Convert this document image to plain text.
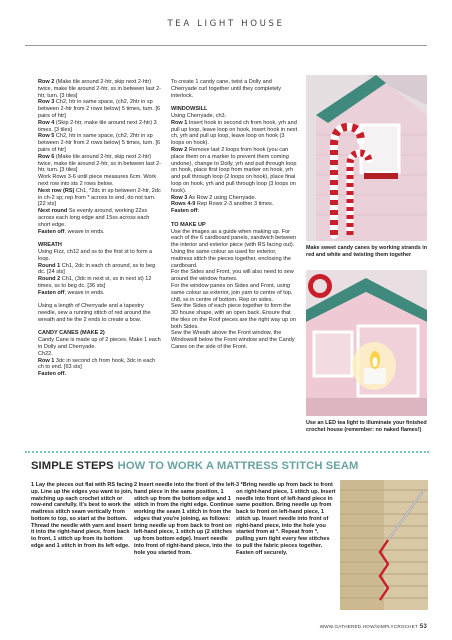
TEA LIGHT HOUSE

Row 2 (Make tile around 2-htr, skip next 2-htr) twice, make tile around 2-htr, ss in between last 2-htr, turn. [3 tiles]
Row 3 Ch2, htr in same space, (ch2, 2htr in sp between 2-htr from 2 rows below) 5 times, turn. [6 pairs of htr]
Row 4 (Skip 2-htr, make tile around next 2-htr) 3 times. [3 tiles]
Row 5 Ch2, htr in same space, (ch2, 2htr in sp between 2-htr from 2 rows below) 5 times, turn. [6 pairs of htr]
Row 6 (Make tile around 2-htr, skip next 2-htr) twice, make tile around 2-htr, ss in between last 2-htr, turn. [3 tiles]
Work Rows 3-6 until piece measures 6cm. Work next row into sts 2 rows below.
Next row (RS) Ch1, *2dc in sp between 2-htr, 2dc in ch-2 sp; rep from * across to end, do not turn. [22 sts]
Next round Ss evenly around, working 22ss across each long edge and 15ss across each short edge.
Fasten off, weave in ends.

WREATH

Using Fizz, ch12 and ss to the first st to form a loop.
Round 1 Ch1, 2dc in each ch around, ss to beg dc. [24 sts]
Round 2 Ch1, (3dc in next st, ss in next st) 12 times, ss to beg dc. [36 sts]
Fasten off, weave in ends.

Using a length of Cherryade and a tapestry needle, sew a running stitch of red around the wreath and tie the 2 ends to create a bow.

CANDY CANES (MAKE 2)

Candy Cane is made up of 2 pieces. Make 1 each in Dolly and Cherryade.
Ch22.
Row 1 3dc in second ch from hook, 3dc in each ch to end. [63 sts]
Fasten off.

To create 1 candy cane, twist a Dolly and Cherryade curl together until they completely interlock.

WINDOWSILL

Using Cherryade, ch3.
Row 1 Insert hook in second ch from hook, yrh and pull up loop, leave loop on hook, insert hook in next ch, yrh and pull up loop, leave loop on hook (3 loops on hook).
Row 2 Remove last 2 loops from hook (you can place them on a marker to prevent them coming undone), change to Dolly, yrh and pull through loop on hook, place first loop from marker on hook, yrh and pull through loop (2 loops on hook), place final loop on hook, yrh and pull through loop (3 loops on hook).
Row 3 As Row 2 using Cherryade.
Rows 4-9 Rep Rows 2-3 another 3 times.
Fasten off.

TO MAKE UP

Use the images as a guide when making up. For each of the 6 cardboard panels, sandwich between the interior and exterior piece (with RS facing out). Using the same colour as used for exterior, mattress stitch the pieces together, enclosing the cardboard.
For the Sides and Front, you will also need to sew around the window frames.
For the window panes on Sides and Front, using same colour as exterior, join yarn to centre of top, ch8, ss in centre of bottom. Rep on sides.
Sew the Sides of each piece together to form the 3D house shape, with an open back. Ensure that the tiles on the Roof pieces are the right way up on both Sides.
Sew the Wreath above the Front window, the Windowsill below the Front window and the Candy Canes on the side of the Front.

Make sweet candy canes by working strands in red and white and twisting them together
Use an LED tea light to illuminate your finished crochet house (remember: no naked flames!)
SIMPLE STEPS HOW TO WORK A MATTRESS STITCH SEAM
1 Lay the pieces out flat with RS facing up. Line up the edges you want to join, matching up each crochet stitch or row-end carefully. It's best to work the mattress stitch seam vertically from bottom to top, so start at the bottom. Thread the needle with yarn and insert it into the right-hand piece, from back to front, 1 stitch up from its bottom edge and 1 stitch in from its left edge.
2 Insert needle into the front of the left-hand piece in the same position, 1 stitch up from the bottom edge and 1 stitch in from the right edge. Continue working the seam 1 stitch in from the edges that you're joining, as follows: bring needle up from back to front on left-hand piece, 1 stitch up (2 stitches up from bottom edge). Insert needle into front of right-hand piece, into the hole you started from.
3 *Bring needle up from back to front on right-hand piece, 1 stitch up. Insert needle into front of left-hand piece in same position. Bring needle up from back to front on left-hand piece, 1 stitch up. Insert needle into front of right-hand piece, into the hole you started from at *. Repeat from *, pulling yarn tight every few stitches to pull the fabric pieces together. Fasten off securely.
WWW.GATHERED.HOW/SIMPLYCROCHET 53
